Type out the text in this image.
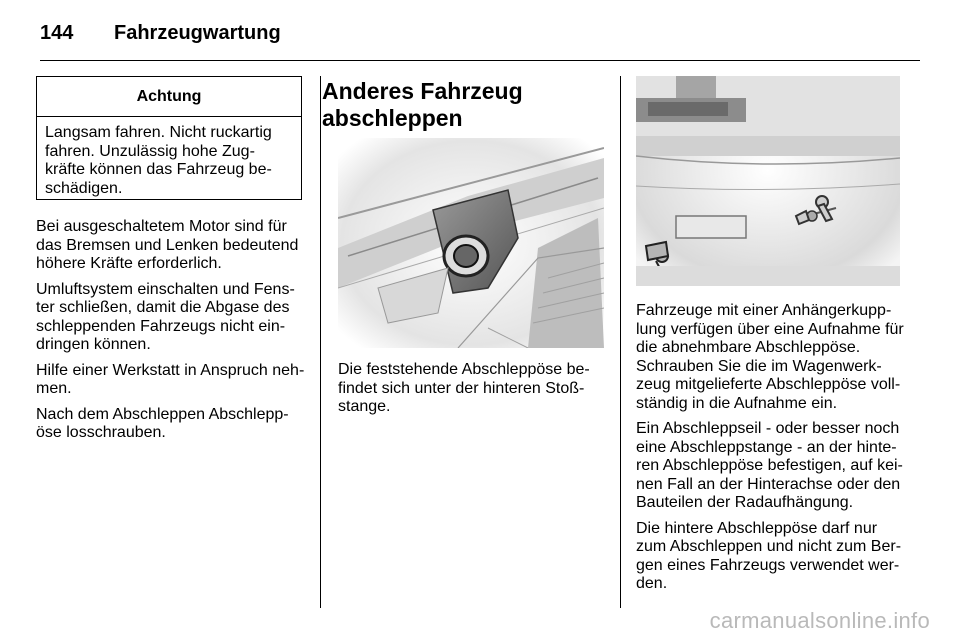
144 Fahrzeugwartung
Achtung
Langsam fahren. Nicht ruckartig
fahren. Unzulässig hohe Zug-
kräfte können das Fahrzeug be-
schädigen.

Bei ausgeschaltetem Motor sind für
das Bremsen und Lenken bedeutend
höhere Kräfte erforderlich.

Umluftsystem einschalten und Fens-
ter schließen, damit die Abgase des
schleppenden Fahrzeugs nicht ein-
dringen können.

Hilfe einer Werkstatt in Anspruch neh-
men.

Nach dem Abschleppen Abschlepp-
öse losschrauben.

Anderes Fahrzeug
abschleppen
Die feststehende Abschleppöse be-
findet sich unter der hinteren Stoß-
stange.

Fahrzeuge mit einer Anhängerkupp-
lung verfügen über eine Aufnahme für
die abnehmbare Abschleppöse.
Schrauben Sie die im Wagenwerk-
zeug mitgelieferte Abschleppöse voll-
ständig in die Aufnahme ein.

Ein Abschleppseil - oder besser noch
eine Abschleppstange - an der hinte-
ren Abschleppöse befestigen, auf kei-
nen Fall an der Hinterachse oder den
Bauteilen der Radaufhängung.

Die hintere Abschleppöse darf nur
zum Abschleppen und nicht zum Ber-
gen eines Fahrzeugs verwendet wer-
den.

carmanualsonline.info
